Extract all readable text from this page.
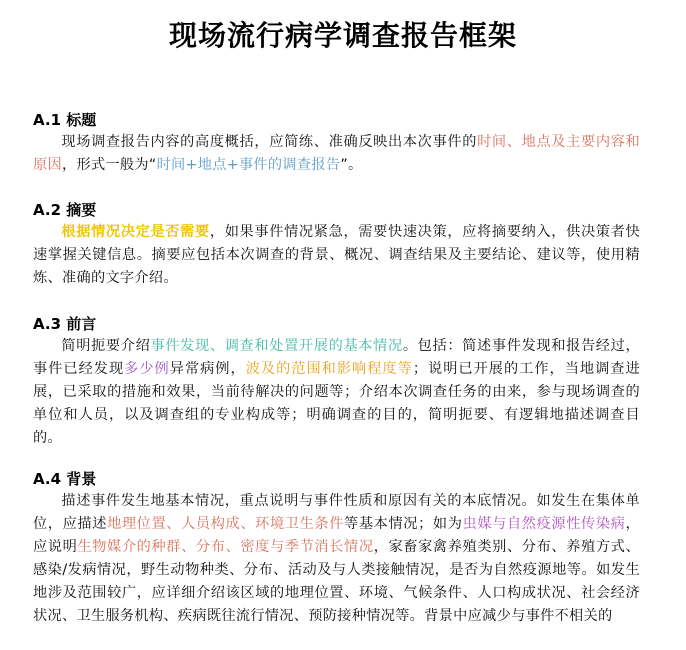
现场流行病学调查报告框架
A.1 标题
现场调查报告内容的高度概括，应简练、准确反映出本次事件的时间、地点及主要内容和原因，形式一般为“时间+地点+事件的调查报告”。
A.2 摘要
根据情况决定是否需要，如果事件情况紧急，需要快速决策，应将摘要纳入，供决策者快速掌握关键信息。摘要应包括本次调查的背景、概况、调查结果及主要结论、建议等，使用精炼、准确的文字介绍。
A.3 前言
简明扼要介绍事件发现、调查和处置开展的基本情况。包括：简述事件发现和报告经过，事件已经发现多少例异常病例，波及的范围和影响程度等；说明已开展的工作，当地调查进展，已采取的措施和效果，当前待解决的问题等；介绍本次调查任务的由来，参与现场调查的单位和人员，以及调查组的专业构成等；明确调查的目的，简明扼要、有逻辑地描述调查目的。
A.4 背景
描述事件发生地基本情况，重点说明与事件性质和原因有关的本底情况。如发生在集体单位，应描述地理位置、人员构成、环境卫生条件等基本情况；如为虫媒与自然疫源性传染病，应说明生物媒介的种群、分布、密度与季节消长情况，家畜家禽养殖类别、分布、养殖方式、感染/发病情况，野生动物种类、分布、活动及与人类接触情况，是否为自然疫源地等。如发生地涉及范围较广，应详细介绍该区域的地理位置、环境、气候条件、人口构成状况、社会经济状况、卫生服务机构、疾病既往流行情况、预防接种情况等。背景中应减少与事件不相关的
